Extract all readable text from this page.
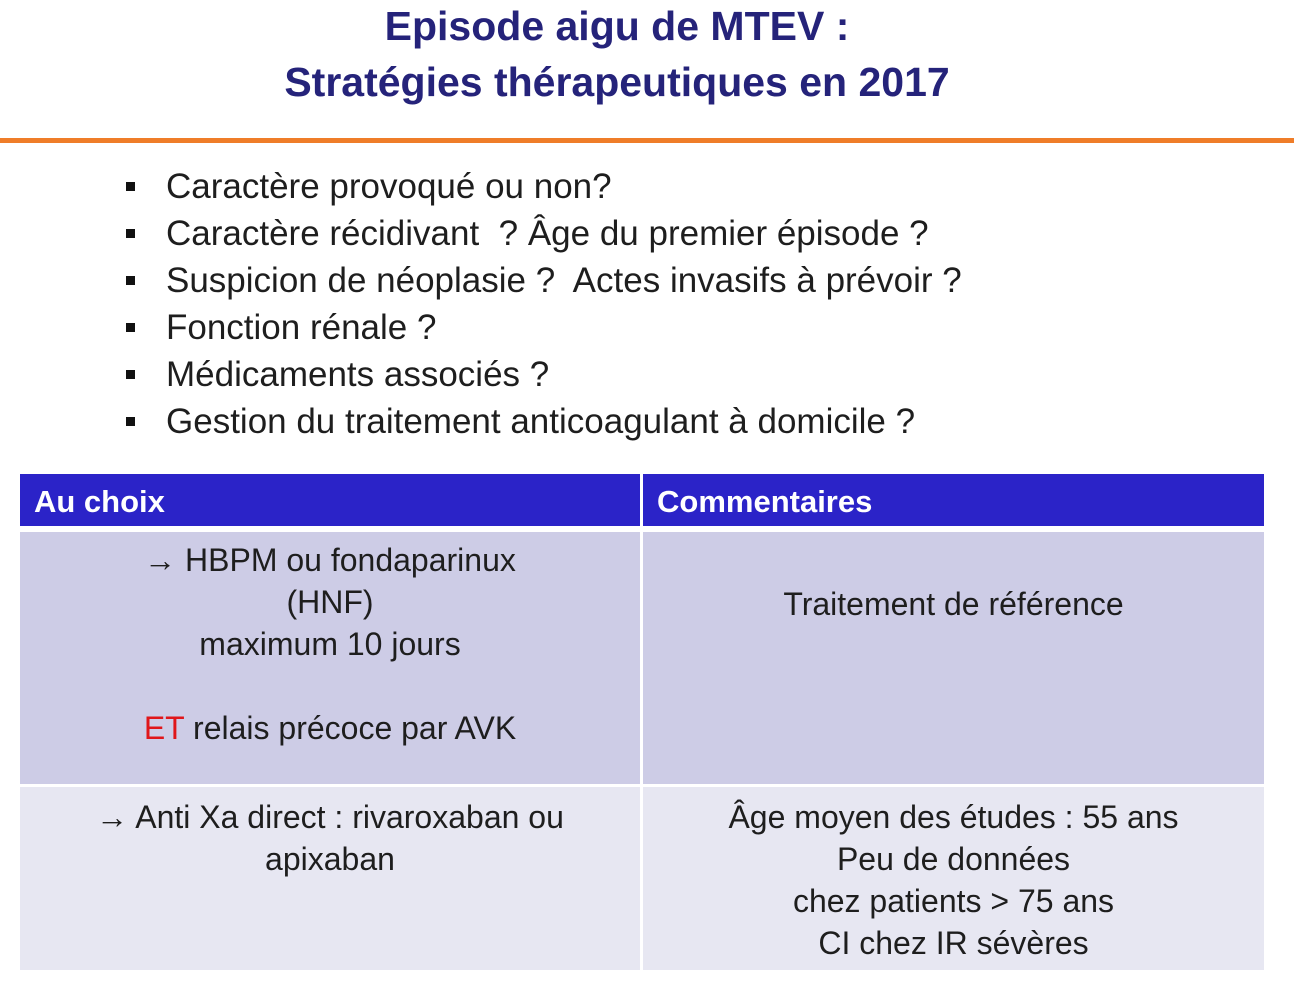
Episode aigu de MTEV :
Stratégies thérapeutiques en 2017
Caractère provoqué ou non?
Caractère récidivant  ? Âge du premier épisode ?
Suspicion de néoplasie ?  Actes invasifs à prévoir ?
Fonction rénale ?
Médicaments associés ?
Gestion du traitement anticoagulant à domicile ?
Au choix	Commentaires
→ HBPM ou fondaparinux
(HNF)
maximum 10 jours
ET relais précoce par AVK
Traitement de référence
→ Anti Xa direct : rivaroxaban ou
apixaban
Âge moyen des études : 55 ans
Peu de données
chez patients > 75 ans
CI chez IR sévères
